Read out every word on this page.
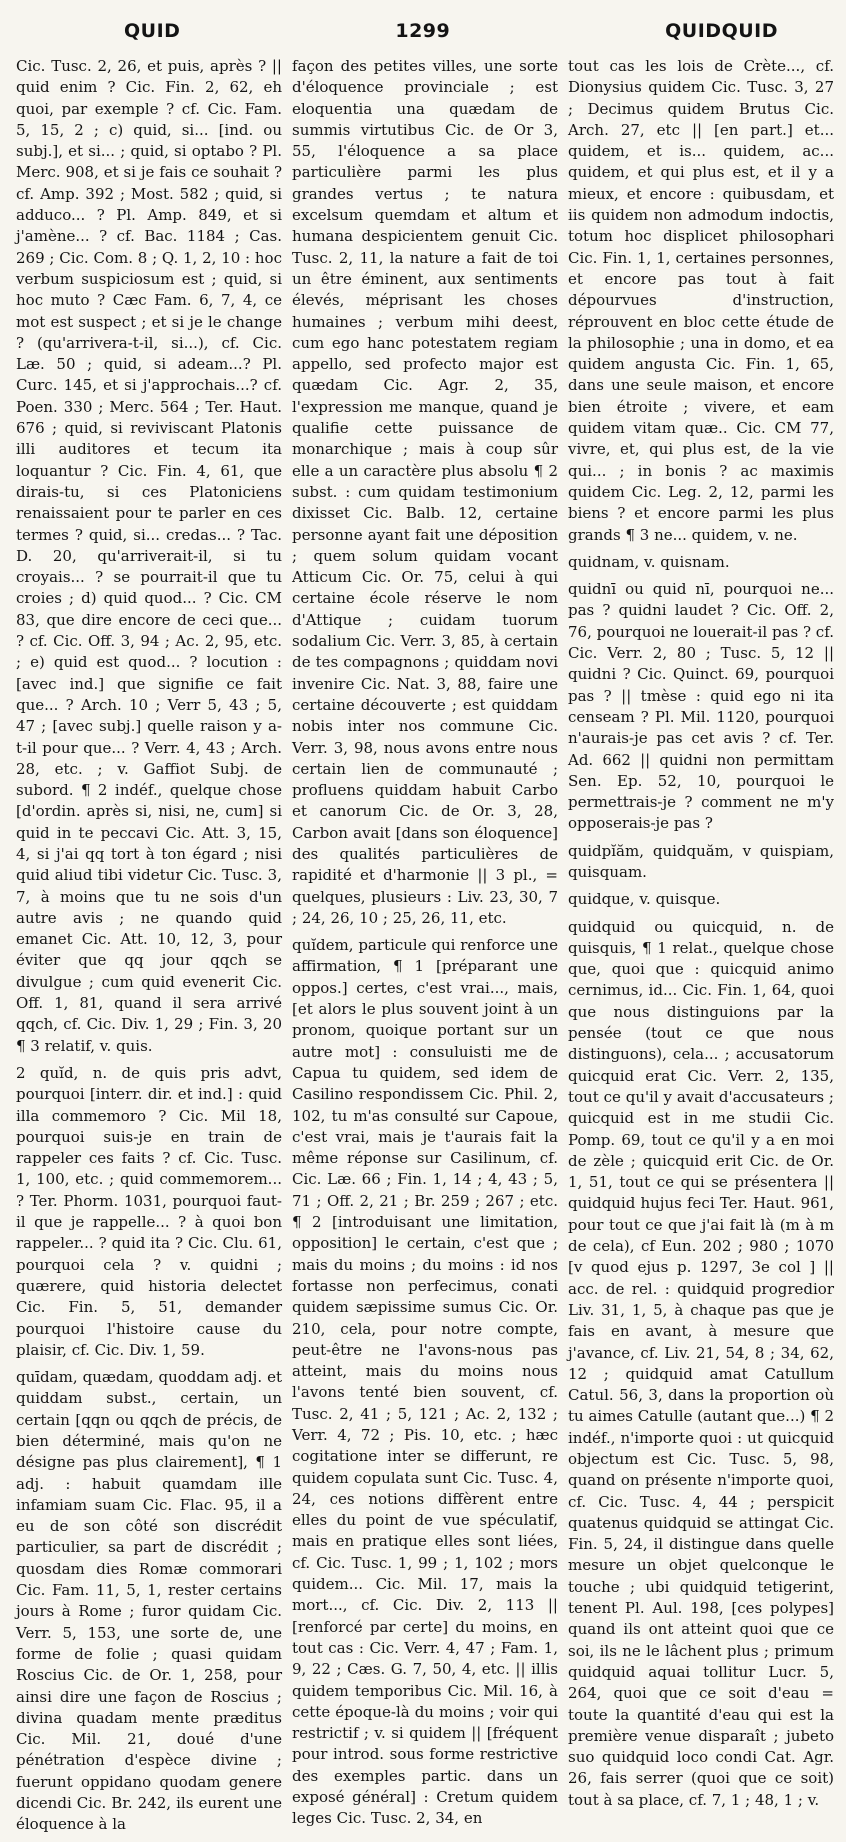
QUID	1299	QUIDQUID

Cic. Tusc. 2, 26, et puis, après ? || quid enim ? Cic. Fin. 2, 62, eh quoi, par exemple ? cf. Cic. Fam. 5, 15, 2 ; c) quid, si... [ind. ou subj.], et si... ; quid, si optabo ? Pl. Merc. 908, et si je fais ce souhait ? cf. Amp. 392 ; Most. 582 ; quid, si adduco... ? Pl. Amp. 849, et si j'amène... ? cf. Bac. 1184 ; Cas. 269 ; Cic. Com. 8 ; Q. 1, 2, 10 : hoc verbum suspiciosum est ; quid, si hoc muto ? Cæc Fam. 6, 7, 4, ce mot est suspect ; et si je le change ? (qu'arrivera-t-il, si...), cf. Cic. Læ. 50 ; quid, si adeam...? Pl. Curc. 145, et si j'approchais...? cf. Poen. 330 ; Merc. 564 ; Ter. Haut. 676 ; quid, si reviviscant Platonis illi auditores et tecum ita loquantur ? Cic. Fin. 4, 61, que dirais-tu, si ces Platoniciens renaissaient pour te parler en ces termes ? quid, si... credas... ? Tac. D. 20, qu'arriverait-il, si tu croyais... ? se pourrait-il que tu croies ; d) quid quod... ? Cic. CM 83, que dire encore de ceci que... ? cf. Cic. Off. 3, 94 ; Ac. 2, 95, etc. ; e) quid est quod... ? locution : [avec ind.] que signifie ce fait que... ? Arch. 10 ; Verr 5, 43 ; 5, 47 ; [avec subj.] quelle raison y a-t-il pour que... ? Verr. 4, 43 ; Arch. 28, etc. ; v. Gaffiot Subj. de subord. ¶ 2 indéf., quelque chose [d'ordin. après si, nisi, ne, cum] si quid in te peccavi Cic. Att. 3, 15, 4, si j'ai qq tort à ton égard ; nisi quid aliud tibi videtur Cic. Tusc. 3, 7, à moins que tu ne sois d'un autre avis ; ne quando quid emanet Cic. Att. 10, 12, 3, pour éviter que qq jour qqch se divulgue ; cum quid evenerit Cic. Off. 1, 81, quand il sera arrivé qqch, cf. Cic. Div. 1, 29 ; Fin. 3, 20 ¶ 3 relatif, v. quis.

2 quĭd, n. de quis pris advt, pourquoi [interr. dir. et ind.] : quid illa commemoro ? Cic. Mil 18, pourquoi suis-je en train de rappeler ces faits ? cf. Cic. Tusc. 1, 100, etc. ; quid commemorem... ? Ter. Phorm. 1031, pourquoi faut-il que je rappelle... ? à quoi bon rappeler... ? quid ita ? Cic. Clu. 61, pourquoi cela ? v. quidni ; quærere, quid historia delectet Cic. Fin. 5, 51, demander pourquoi l'histoire cause du plaisir, cf. Cic. Div. 1, 59.

quīdam, quædam, quoddam adj. et quiddam subst., certain, un certain [qqn ou qqch de précis, de bien déterminé, mais qu'on ne désigne pas plus clairement], ¶ 1 adj. : habuit quamdam ille infamiam suam Cic. Flac. 95, il a eu de son côté son discrédit particulier, sa part de discrédit ; quosdam dies Romæ commorari Cic. Fam. 11, 5, 1, rester certains jours à Rome ; furor quidam Cic. Verr. 5, 153, une sorte de, une forme de folie ; quasi quidam Roscius Cic. de Or. 1, 258, pour ainsi dire une façon de Roscius ; divina quadam mente præditus Cic. Mil. 21, doué d'une pénétration d'espèce divine ; fuerunt oppidano quodam genere dicendi Cic. Br. 242, ils eurent une éloquence à la

façon des petites villes, une sorte d'éloquence provinciale ; est eloquentia una quædam de summis virtutibus Cic. de Or 3, 55, l'éloquence a sa place particulière parmi les plus grandes vertus ; te natura excelsum quemdam et altum et humana despicientem genuit Cic. Tusc. 2, 11, la nature a fait de toi un être éminent, aux sentiments élevés, méprisant les choses humaines ; verbum mihi deest, cum ego hanc potestatem regiam appello, sed profecto major est quædam Cic. Agr. 2, 35, l'expression me manque, quand je qualifie cette puissance de monarchique ; mais à coup sûr elle a un caractère plus absolu ¶ 2 subst. : cum quidam testimonium dixisset Cic. Balb. 12, certaine personne ayant fait une déposition ; quem solum quidam vocant Atticum Cic. Or. 75, celui à qui certaine école réserve le nom d'Attique ; cuidam tuorum sodalium Cic. Verr. 3, 85, à certain de tes compagnons ; quiddam novi invenire Cic. Nat. 3, 88, faire une certaine découverte ; est quiddam nobis inter nos commune Cic. Verr. 3, 98, nous avons entre nous certain lien de communauté ; profluens quiddam habuit Carbo et canorum Cic. de Or. 3, 28, Carbon avait [dans son éloquence] des qualités particulières de rapidité et d'harmonie || 3 pl., = quelques, plusieurs : Liv. 23, 30, 7 ; 24, 26, 10 ; 25, 26, 11, etc.

quĭdem, particule qui renforce une affirmation, ¶ 1 [préparant une oppos.] certes, c'est vrai..., mais, [et alors le plus souvent joint à un pronom, quoique portant sur un autre mot] : consuluisti me de Capua tu quidem, sed idem de Casilino respondissem Cic. Phil. 2, 102, tu m'as consulté sur Capoue, c'est vrai, mais je t'aurais fait la même réponse sur Casilinum, cf. Cic. Læ. 66 ; Fin. 1, 14 ; 4, 43 ; 5, 71 ; Off. 2, 21 ; Br. 259 ; 267 ; etc. ¶ 2 [introduisant une limitation, opposition] le certain, c'est que ; mais du moins ; du moins : id nos fortasse non perfecimus, conati quidem sæpissime sumus Cic. Or. 210, cela, pour notre compte, peut-être ne l'avons-nous pas atteint, mais du moins nous l'avons tenté bien souvent, cf. Tusc. 2, 41 ; 5, 121 ; Ac. 2, 132 ; Verr. 4, 72 ; Pis. 10, etc. ; hæc cogitatione inter se differunt, re quidem copulata sunt Cic. Tusc. 4, 24, ces notions diffèrent entre elles du point de vue spéculatif, mais en pratique elles sont liées, cf. Cic. Tusc. 1, 99 ; 1, 102 ; mors quidem... Cic. Mil. 17, mais la mort..., cf. Cic. Div. 2, 113 || [renforcé par certe] du moins, en tout cas : Cic. Verr. 4, 47 ; Fam. 1, 9, 22 ; Cæs. G. 7, 50, 4, etc. || illis quidem temporibus Cic. Mil. 16, à cette époque-là du moins ; voir qui restrictif ; v. si quidem || [fréquent pour introd. sous forme restrictive des exemples partic. dans un exposé général] : Cretum quidem leges Cic. Tusc. 2, 34, en

tout cas les lois de Crète..., cf. Dionysius quidem Cic. Tusc. 3, 27 ; Decimus quidem Brutus Cic. Arch. 27, etc || [en part.] et... quidem, et is... quidem, ac... quidem, et qui plus est, et il y a mieux, et encore : quibusdam, et iis quidem non admodum indoctis, totum hoc displicet philosophari Cic. Fin. 1, 1, certaines personnes, et encore pas tout à fait dépourvues d'instruction, réprouvent en bloc cette étude de la philosophie ; una in domo, et ea quidem angusta Cic. Fin. 1, 65, dans une seule maison, et encore bien étroite ; vivere, et eam quidem vitam quæ.. Cic. CM 77, vivre, et, qui plus est, de la vie qui... ; in bonis ? ac maximis quidem Cic. Leg. 2, 12, parmi les biens ? et encore parmi les plus grands ¶ 3 ne... quidem, v. ne.

quidnam, v. quisnam.

quidnī ou quid nī, pourquoi ne... pas ? quidni laudet ? Cic. Off. 2, 76, pourquoi ne louerait-il pas ? cf. Cic. Verr. 2, 80 ; Tusc. 5, 12 || quidni ? Cic. Quinct. 69, pourquoi pas ? || tmèse : quid ego ni ita censeam ? Pl. Mil. 1120, pourquoi n'aurais-je pas cet avis ? cf. Ter. Ad. 662 || quidni non permittam Sen. Ep. 52, 10, pourquoi le permettrais-je ? comment ne m'y opposerais-je pas ?

quidpĭăm, quidquăm, v quispiam, quisquam.

quidque, v. quisque.

quidquid ou quicquid, n. de quisquis, ¶ 1 relat., quelque chose que, quoi que : quicquid animo cernimus, id... Cic. Fin. 1, 64, quoi que nous distinguions par la pensée (tout ce que nous distinguons), cela... ; accusatorum quicquid erat Cic. Verr. 2, 135, tout ce qu'il y avait d'accusateurs ; quicquid est in me studii Cic. Pomp. 69, tout ce qu'il y a en moi de zèle ; quicquid erit Cic. de Or. 1, 51, tout ce qui se présentera || quidquid hujus feci Ter. Haut. 961, pour tout ce que j'ai fait là (m à m de cela), cf Eun. 202 ; 980 ; 1070 [v quod ejus p. 1297, 3e col ] || acc. de rel. : quidquid progredior Liv. 31, 1, 5, à chaque pas que je fais en avant, à mesure que j'avance, cf. Liv. 21, 54, 8 ; 34, 62, 12 ; quidquid amat Catullum Catul. 56, 3, dans la proportion où tu aimes Catulle (autant que...) ¶ 2 indéf., n'importe quoi : ut quicquid objectum est Cic. Tusc. 5, 98, quand on présente n'importe quoi, cf. Cic. Tusc. 4, 44 ; perspicit quatenus quidquid se attingat Cic. Fin. 5, 24, il distingue dans quelle mesure un objet quelconque le touche ; ubi quidquid tetigerint, tenent Pl. Aul. 198, [ces polypes] quand ils ont atteint quoi que ce soi, ils ne le lâchent plus ; primum quidquid aquai tollitur Lucr. 5, 264, quoi que ce soit d'eau = toute la quantité d'eau qui est la première venue disparaît ; jubeto suo quidquid loco condi Cat. Agr. 26, fais serrer (quoi que ce soit) tout à sa place, cf. 7, 1 ; 48, 1 ; v.
